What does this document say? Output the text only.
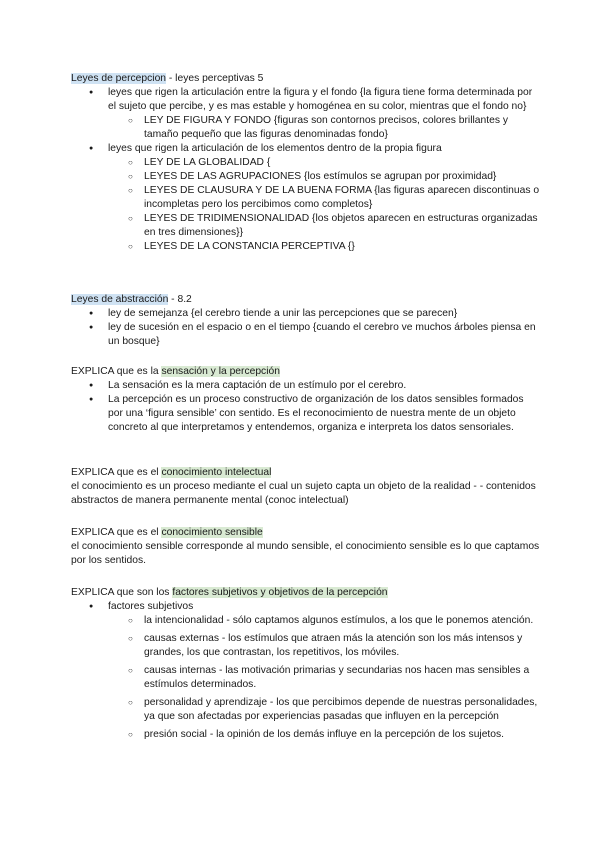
Leyes de percepcion - leyes perceptivas 5

● leyes que rigen la articulación entre la figura y el fondo {la figura tiene forma determinada por el sujeto que percibe, y es mas estable y homogénea en su color, mientras que el fondo no}
○ LEY DE FIGURA Y FONDO {figuras son contornos precisos, colores brillantes y tamaño pequeño que las figuras denominadas fondo}
● leyes que rigen la articulación de los elementos dentro de la propia figura
○ LEY DE LA GLOBALIDAD {
○ LEYES DE LAS AGRUPACIONES {los estímulos se agrupan por proximidad}
○ LEYES DE CLAUSURA Y DE LA BUENA FORMA {las figuras aparecen discontinuas o incompletas pero los percibimos como completos}
○ LEYES DE TRIDIMENSIONALIDAD {los objetos aparecen en estructuras organizadas en tres dimensiones}}
○ LEYES DE LA CONSTANCIA PERCEPTIVA {}

Leyes de abstracción - 8.2

● ley de semejanza {el cerebro tiende a unir las percepciones que se parecen}
● ley de sucesión en el espacio o en el tiempo {cuando el cerebro ve muchos árboles piensa en un bosque}

EXPLICA que es la sensación y la percepción

● La sensación es la mera captación de un estímulo por el cerebro.
● La percepción es un proceso constructivo de organización de los datos sensibles formados por una ‘figura sensible’ con sentido. Es el reconocimiento de nuestra mente de un objeto concreto al que interpretamos y entendemos, organiza e interpreta los datos sensoriales.

EXPLICA que es el conocimiento intelectual

el conocimiento es un proceso mediante el cual un sujeto capta un objeto de la realidad - - contenidos abstractos de manera permanente mental (conoc intelectual)

EXPLICA que es el conocimiento sensible

el conocimiento sensible corresponde al mundo sensible, el conocimiento sensible es lo que captamos por los sentidos.

EXPLICA que son los factores subjetivos y objetivos de la percepción

● factores subjetivos
○ la intencionalidad - sólo captamos algunos estímulos, a los que le ponemos atención.
○ causas externas - los estímulos que atraen más la atención son los más intensos y grandes, los que contrastan, los repetitivos, los móviles.
○ causas internas - las motivación primarias y secundarias nos hacen mas sensibles a estímulos determinados.
○ personalidad y aprendizaje - los que percibimos depende de nuestras personalidades, ya que son afectadas por experiencias pasadas que influyen en la percepción
○ presión social - la opinión de los demás influye en la percepción de los sujetos.
